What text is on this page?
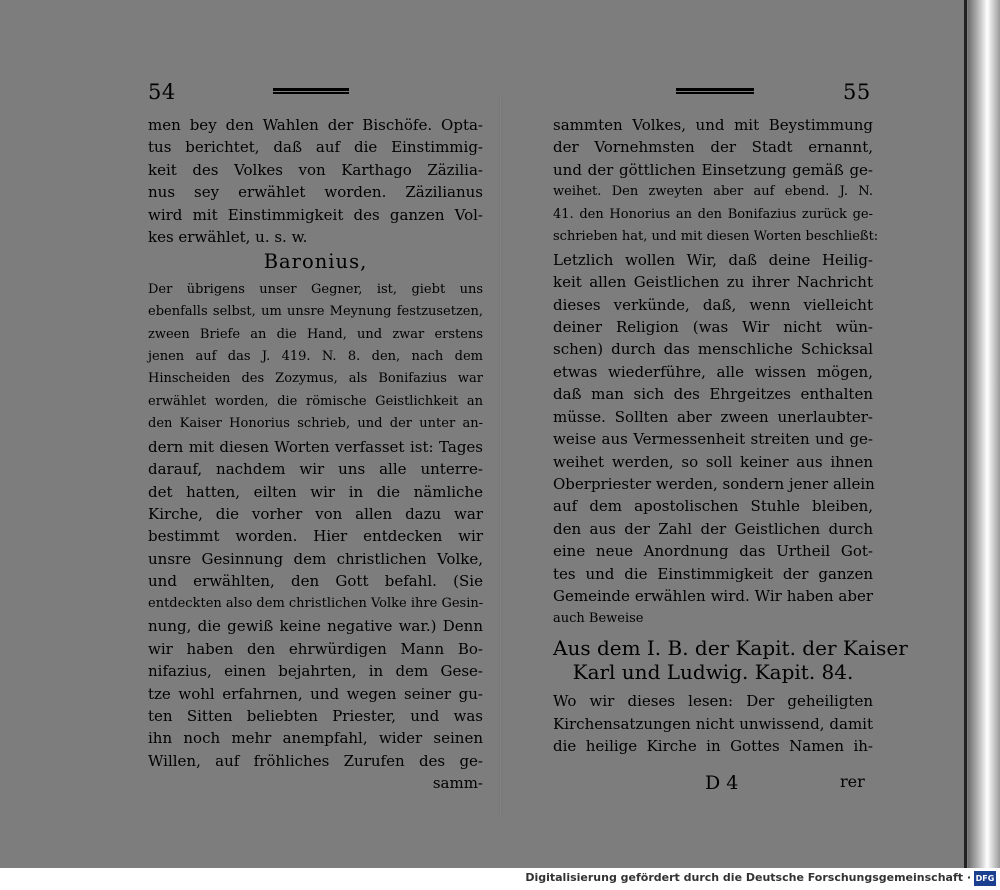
54
men bey den Wahlen der Bischöfe. Opta-
tus berichtet, daß auf die Einstimmig-
keit des Volkes von Karthago Zäzilia-
nus sey erwählet worden. Zäzilianus
wird mit Einstimmigkeit des ganzen Vol-
kes erwählet, u. s. w.
Baronius,
Der übrigens unser Gegner, ist, giebt uns
ebenfalls selbst, um unsre Meynung festzusetzen,
zween Briefe an die Hand, und zwar erstens
jenen auf das J. 419. N. 8. den, nach dem
Hinscheiden des Zozymus, als Bonifazius war
erwählet worden, die römische Geistlichkeit an
den Kaiser Honorius schrieb, und der unter an-
dern mit diesen Worten verfasset ist: Tages
darauf, nachdem wir uns alle unterre-
det hatten, eilten wir in die nämliche
Kirche, die vorher von allen dazu war
bestimmt worden. Hier entdecken wir
unsre Gesinnung dem christlichen Volke,
und erwählten, den Gott befahl. (Sie
entdeckten also dem christlichen Volke ihre Gesin-
nung, die gewiß keine negative war.) Denn
wir haben den ehrwürdigen Mann Bo-
nifazius, einen bejahrten, in dem Gese-
tze wohl erfahrnen, und wegen seiner gu-
ten Sitten beliebten Priester, und was
ihn noch mehr anempfahl, wider seinen
Willen, auf fröhliches Zurufen des ge-
samm-
55
sammten Volkes, und mit Beystimmung
der Vornehmsten der Stadt ernannt,
und der göttlichen Einsetzung gemäß ge-
weihet. Den zweyten aber auf ebend. J. N.
41. den Honorius an den Bonifazius zurück ge-
schrieben hat, und mit diesen Worten beschließt:
Letzlich wollen Wir, daß deine Heilig-
keit allen Geistlichen zu ihrer Nachricht
dieses verkünde, daß, wenn vielleicht
deiner Religion (was Wir nicht wün-
schen) durch das menschliche Schicksal
etwas wiederführe, alle wissen mögen,
daß man sich des Ehrgeitzes enthalten
müsse. Sollten aber zween unerlaubter-
weise aus Vermessenheit streiten und ge-
weihet werden, so soll keiner aus ihnen
Oberpriester werden, sondern jener allein
auf dem apostolischen Stuhle bleiben,
den aus der Zahl der Geistlichen durch
eine neue Anordnung das Urtheil Got-
tes und die Einstimmigkeit der ganzen
Gemeinde erwählen wird. Wir haben aber
auch Beweise
Aus dem I. B. der Kapit. der Kaiser
Karl und Ludwig. Kapit. 84.
Wo wir dieses lesen: Der geheiligten
Kirchensatzungen nicht unwissend, damit
die heilige Kirche in Gottes Namen ih-
D 4	rer
Digitalisierung gefördert durch die Deutsche Forschungsgemeinschaft · DFG
